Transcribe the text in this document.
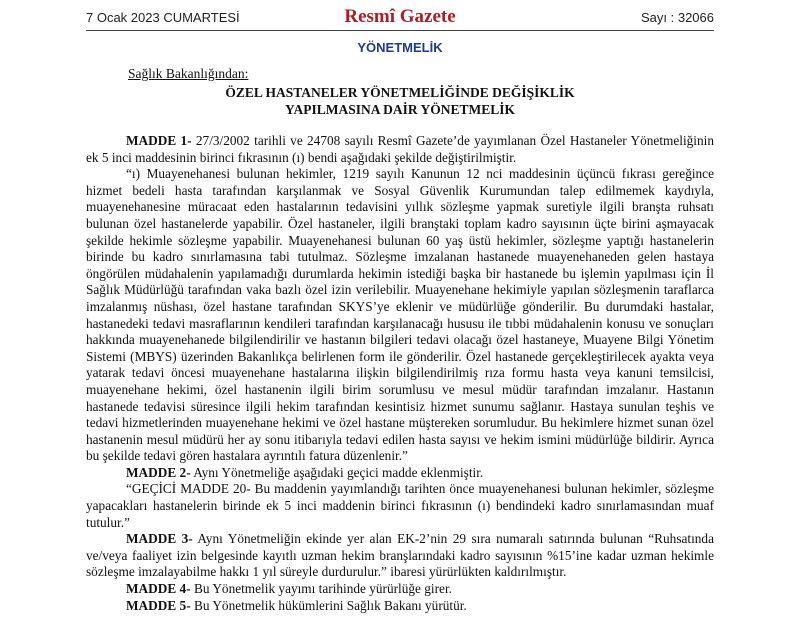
7 Ocak 2023 CUMARTESİ	Resmî Gazete	Sayı : 32066
YÖNETMELİK
Sağlık Bakanlığından:
ÖZEL HASTANELER YÖNETMELİĞİNDE DEĞİŞİKLİK
YAPILMASINA DAİR YÖNETMELİK

MADDE 1- 27/3/2002 tarihli ve 24708 sayılı Resmî Gazete’de yayımlanan Özel Hastaneler Yönetmeliğinin ek 5 inci maddesinin birinci fıkrasının (ı) bendi aşağıdaki şekilde değiştirilmiştir.

“ı) Muayenehanesi bulunan hekimler, 1219 sayılı Kanunun 12 nci maddesinin üçüncü fıkrası gereğince hizmet bedeli hasta tarafından karşılanmak ve Sosyal Güvenlik Kurumundan talep edilmemek kaydıyla, muayenehanesine müracaat eden hastalarının tedavisini yıllık sözleşme yapmak suretiyle ilgili branşta ruhsatı bulunan özel hastanelerde yapabilir. Özel hastaneler, ilgili branştaki toplam kadro sayısının üçte birini aşmayacak şekilde hekimle sözleşme yapabilir. Muayenehanesi bulunan 60 yaş üstü hekimler, sözleşme yaptığı hastanelerin birinde bu kadro sınırlamasına tabi tutulmaz. Sözleşme imzalanan hastanede muayenehaneden gelen hastaya öngörülen müdahalenin yapılamadığı durumlarda hekimin istediği başka bir hastanede bu işlemin yapılması için İl Sağlık Müdürlüğü tarafından vaka bazlı özel izin verilebilir. Muayenehane hekimiyle yapılan sözleşmenin taraflarca imzalanmış nüshası, özel hastane tarafından SKYS’ye eklenir ve müdürlüğe gönderilir. Bu durumdaki hastalar, hastanedeki tedavi masraflarının kendileri tarafından karşılanacağı hususu ile tıbbi müdahalenin konusu ve sonuçları hakkında muayenehanede bilgilendirilir ve hastanın bilgileri tedavi olacağı özel hastaneye, Muayene Bilgi Yönetim Sistemi (MBYS) üzerinden Bakanlıkça belirlenen form ile gönderilir. Özel hastanede gerçekleştirilecek ayakta veya yatarak tedavi öncesi muayenehane hastalarına ilişkin bilgilendirilmiş rıza formu hasta veya kanuni temsilcisi, muayenehane hekimi, özel hastanenin ilgili birim sorumlusu ve mesul müdür tarafından imzalanır. Hastanın hastanede tedavisi süresince ilgili hekim tarafından kesintisiz hizmet sunumu sağlanır. Hastaya sunulan teşhis ve tedavi hizmetlerinden muayenehane hekimi ve özel hastane müştereken sorumludur. Bu hekimlere hizmet sunan özel hastanenin mesul müdürü her ay sonu itibarıyla tedavi edilen hasta sayısı ve hekim ismini müdürlüğe bildirir. Ayrıca bu şekilde tedavi gören hastalara ayrıntılı fatura düzenlenir.”

MADDE 2- Aynı Yönetmeliğe aşağıdaki geçici madde eklenmiştir.

“GEÇİCİ MADDE 20- Bu maddenin yayımlandığı tarihten önce muayenehanesi bulunan hekimler, sözleşme yapacakları hastanelerin birinde ek 5 inci maddenin birinci fıkrasının (ı) bendindeki kadro sınırlamasından muaf tutulur.”

MADDE 3- Aynı Yönetmeliğin ekinde yer alan EK-2’nin 29 sıra numaralı satırında bulunan “Ruhsatında ve/veya faaliyet izin belgesinde kayıtlı uzman hekim branşlarındaki kadro sayısının %15’ine kadar uzman hekimle sözleşme imzalayabilme hakkı 1 yıl süreyle durdurulur.” ibaresi yürürlükten kaldırılmıştır.

MADDE 4- Bu Yönetmelik yayımı tarihinde yürürlüğe girer.

MADDE 5- Bu Yönetmelik hükümlerini Sağlık Bakanı yürütür.
